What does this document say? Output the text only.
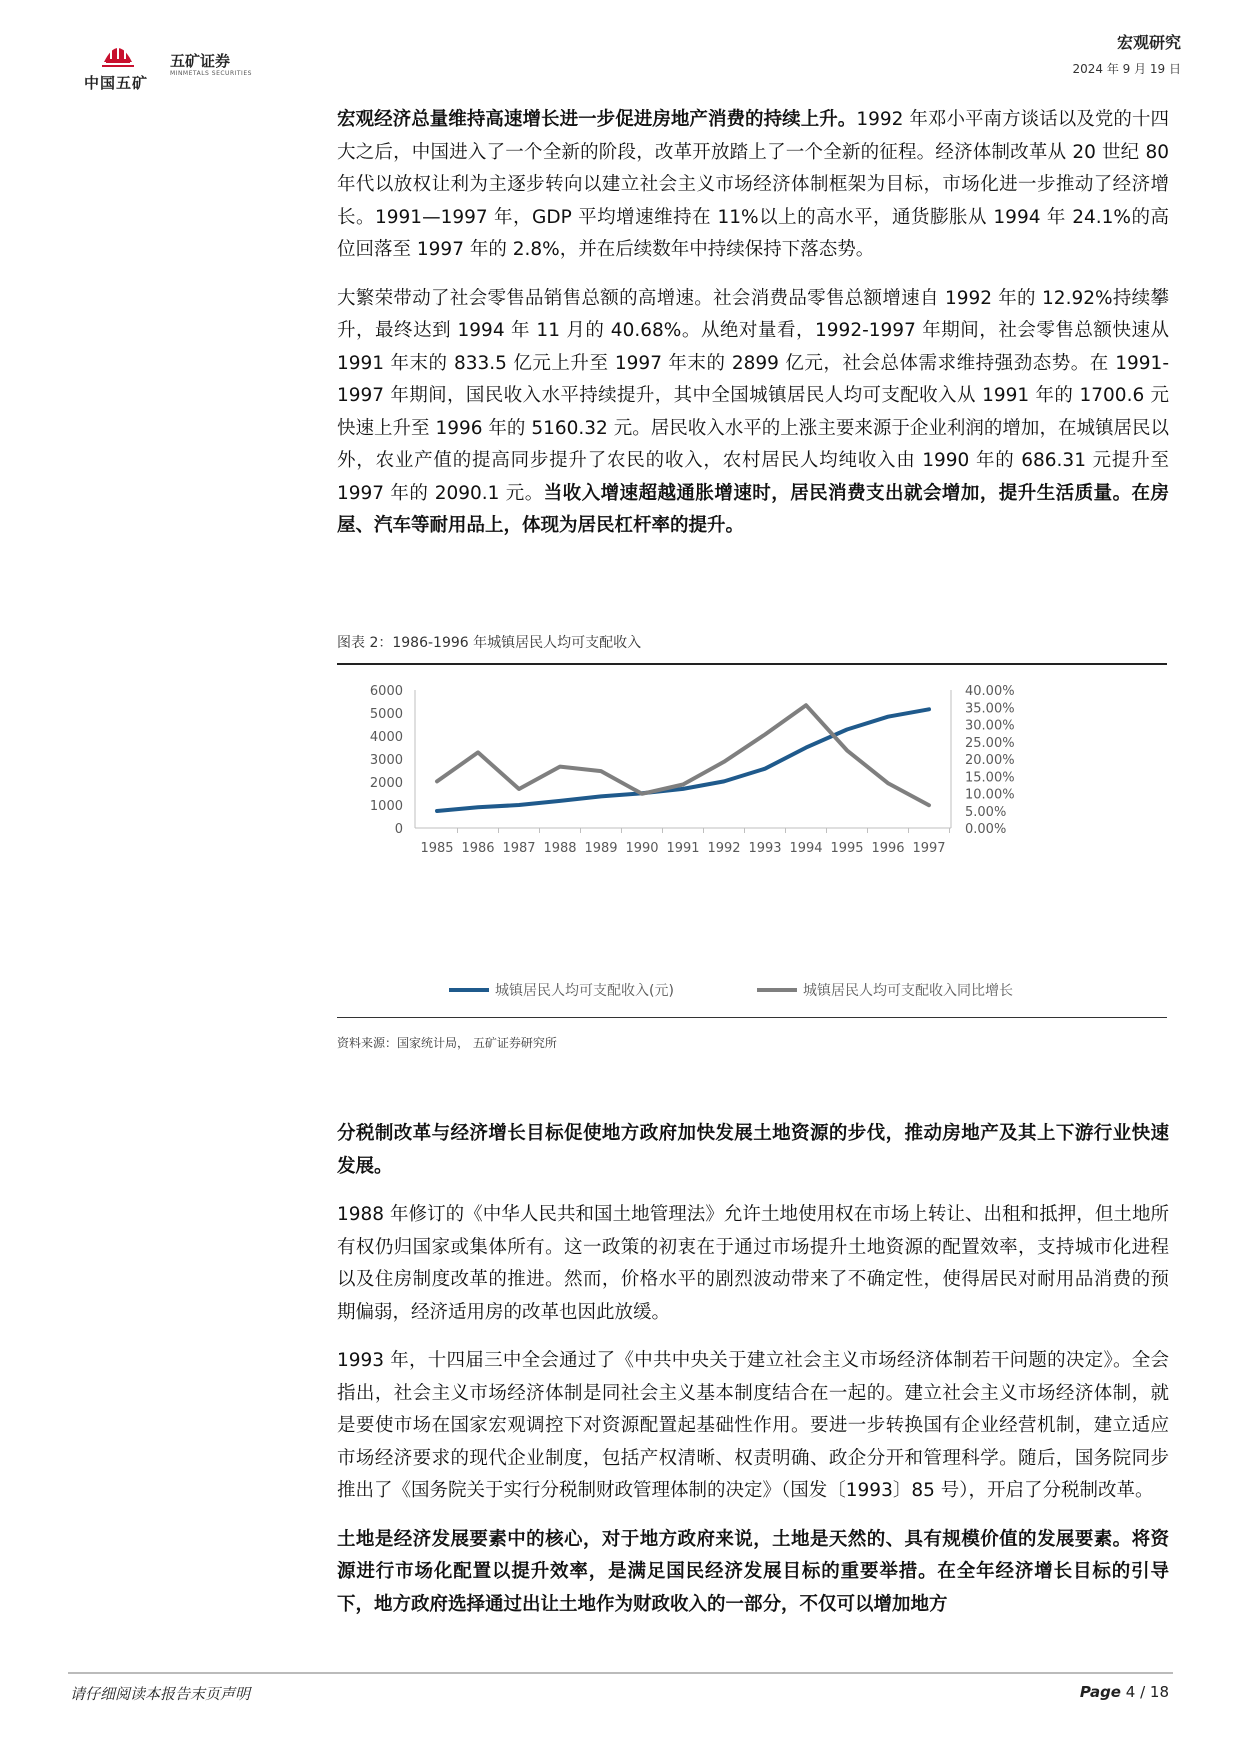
中国五矿
五矿证券
MINMETALS SECURITIES
宏观研究
2024 年 9 月 19 日

宏观经济总量维持高速增长进一步促进房地产消费的持续上升。1992 年邓小平南方谈话以及党的十四大之后，中国进入了一个全新的阶段，改革开放踏上了一个全新的征程。经济体制改革从 20 世纪 80 年代以放权让利为主逐步转向以建立社会主义市场经济体制框架为目标，市场化进一步推动了经济增长。1991—1997 年，GDP 平均增速维持在 11%以上的高水平，通货膨胀从 1994 年 24.1%的高位回落至 1997 年的 2.8%，并在后续数年中持续保持下落态势。

大繁荣带动了社会零售品销售总额的高增速。社会消费品零售总额增速自 1992 年的 12.92%持续攀升，最终达到 1994 年 11 月的 40.68%。从绝对量看，1992-1997 年期间，社会零售总额快速从 1991 年末的 833.5 亿元上升至 1997 年末的 2899 亿元，社会总体需求维持强劲态势。在 1991-1997 年期间，国民收入水平持续提升，其中全国城镇居民人均可支配收入从 1991 年的 1700.6 元快速上升至 1996 年的 5160.32 元。居民收入水平的上涨主要来源于企业利润的增加，在城镇居民以外，农业产值的提高同步提升了农民的收入，农村居民人均纯收入由 1990 年的 686.31 元提升至 1997 年的 2090.1 元。当收入增速超越通胀增速时，居民消费支出就会增加，提升生活质量。在房屋、汽车等耐用品上，体现为居民杠杆率的提升。

图表 2：1986-1996 年城镇居民人均可支配收入
0
1000
2000
3000
4000
5000
6000
0.00%
5.00%
10.00%
15.00%
20.00%
25.00%
30.00%
35.00%
40.00%
1985 1986 1987 1988 1989 1990 1991 1992 1993 1994 1995 1996 1997
城镇居民人均可支配收入(元)	城镇居民人均可支配收入同比增长
资料来源：国家统计局， 五矿证券研究所

分税制改革与经济增长目标促使地方政府加快发展土地资源的步伐，推动房地产及其上下游行业快速发展。

1988 年修订的《中华人民共和国土地管理法》允许土地使用权在市场上转让、出租和抵押，但土地所有权仍归国家或集体所有。这一政策的初衷在于通过市场提升土地资源的配置效率，支持城市化进程以及住房制度改革的推进。然而，价格水平的剧烈波动带来了不确定性，使得居民对耐用品消费的预期偏弱，经济适用房的改革也因此放缓。

1993 年，十四届三中全会通过了《中共中央关于建立社会主义市场经济体制若干问题的决定》。全会指出，社会主义市场经济体制是同社会主义基本制度结合在一起的。建立社会主义市场经济体制，就是要使市场在国家宏观调控下对资源配置起基础性作用。要进一步转换国有企业经营机制，建立适应市场经济要求的现代企业制度，包括产权清晰、权责明确、政企分开和管理科学。随后，国务院同步推出了《国务院关于实行分税制财政管理体制的决定》（国发〔1993〕85 号），开启了分税制改革。

土地是经济发展要素中的核心，对于地方政府来说，土地是天然的、具有规模价值的发展要素。将资源进行市场化配置以提升效率，是满足国民经济发展目标的重要举措。在全年经济增长目标的引导下，地方政府选择通过出让土地作为财政收入的一部分，不仅可以增加地方

请仔细阅读本报告末页声明	Page 4 / 18
